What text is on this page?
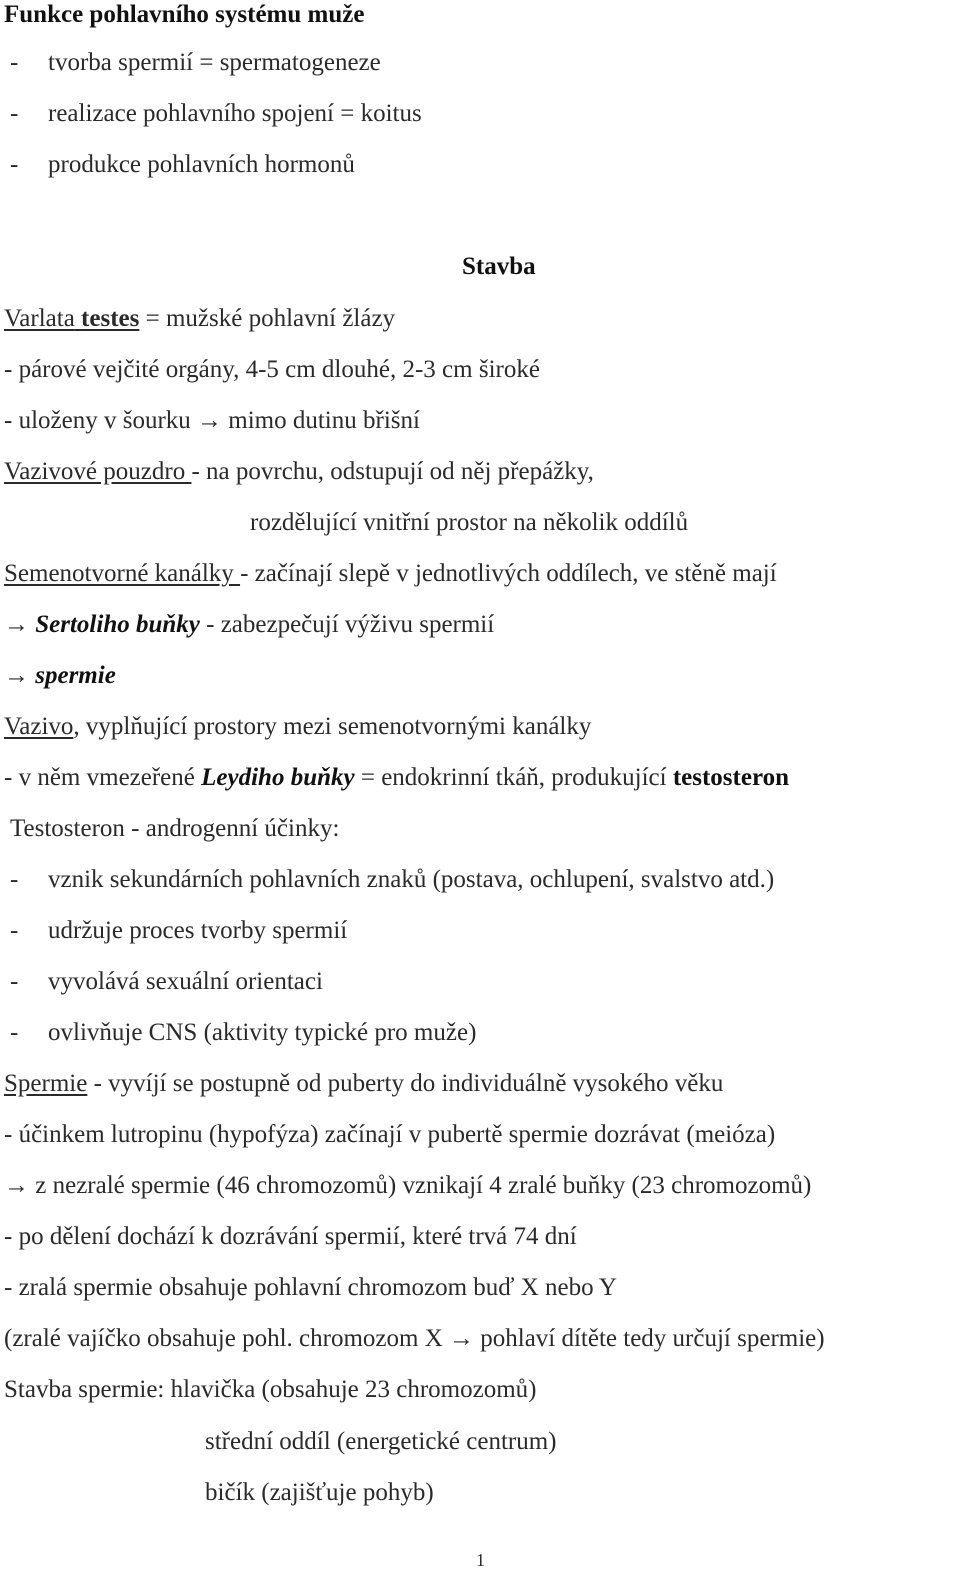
Funkce pohlavního systému muže
- tvorba spermií = spermatogeneze
- realizace pohlavního spojení = koitus
- produkce pohlavních hormonů
Stavba
Varlata testes = mužské pohlavní žlázy
- párové vejčité orgány, 4-5 cm dlouhé, 2-3 cm široké
- uloženy v šourku → mimo dutinu břišní
Vazivové pouzdro - na povrchu, odstupují od něj přepážky,
rozdělující vnitřní prostor na několik oddílů
Semenotvorné kanálky - začínají slepě v jednotlivých oddílech, ve stěně mají
→ Sertoliho buňky - zabezpečují výživu spermií
→ spermie
Vazivo, vyplňující prostory mezi semenotvornými kanálky
- v něm vmezeřené Leydiho buňky = endokrinní tkáň, produkující testosteron
Testosteron - androgenní účinky:
- vznik sekundárních pohlavních znaků (postava, ochlupení, svalstvo atd.)
- udržuje proces tvorby spermií
- vyvolává sexuální orientaci
- ovlivňuje CNS (aktivity typické pro muže)
Spermie - vyvíjí se postupně od puberty do individuálně vysokého věku
- účinkem lutropinu (hypofýza) začínají v pubertě spermie dozrávat (meióza)
→ z nezralé spermie (46 chromozomů) vznikají 4 zralé buňky (23 chromozomů)
- po dělení dochází k dozrávání spermií, které trvá 74 dní
- zralá spermie obsahuje pohlavní chromozom buď X nebo Y
(zralé vajíčko obsahuje pohl. chromozom X → pohlaví dítěte tedy určují spermie)
Stavba spermie: hlavička (obsahuje 23 chromozomů)
střední oddíl (energetické centrum)
bičík (zajišťuje pohyb)
1
